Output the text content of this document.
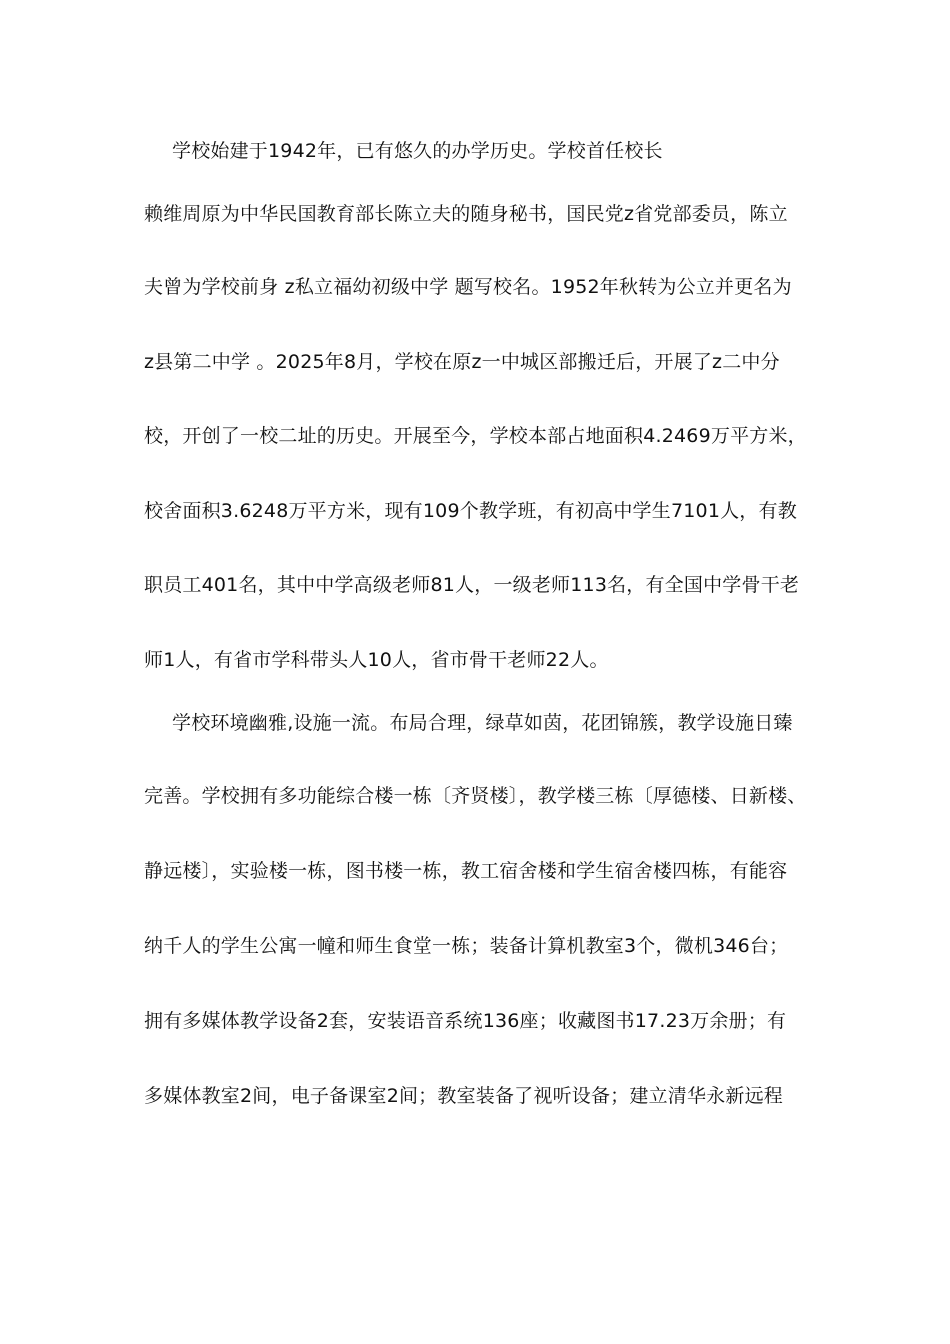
学校始建于1942年，已有悠久的办学历史。学校首任校长
赖维周原为中华民国教育部长陈立夫的随身秘书，国民党z省党部委员，陈立
夫曾为学校前身 z私立福幼初级中学 题写校名。1952年秋转为公立并更名为
z县第二中学 。2025年8月，学校在原z一中城区部搬迁后，开展了z二中分
校，开创了一校二址的历史。开展至今，学校本部占地面积4.2469万平方米，
校舍面积3.6248万平方米，现有109个教学班，有初高中学生7101人，有教
职员工401名，其中中学高级老师81人，一级老师113名，有全国中学骨干老
师1人，有省市学科带头人10人，省市骨干老师22人。
学校环境幽雅,设施一流。布局合理，绿草如茵，花团锦簇，教学设施日臻
完善。学校拥有多功能综合楼一栋〔齐贤楼〕，教学楼三栋〔厚德楼、日新楼、
静远楼〕，实验楼一栋，图书楼一栋，教工宿舍楼和学生宿舍楼四栋，有能容
纳千人的学生公寓一幢和师生食堂一栋；装备计算机教室3个，微机346台；
拥有多媒体教学设备2套，安装语音系统136座；收藏图书17.23万余册；有
多媒体教室2间，电子备课室2间；教室装备了视听设备；建立清华永新远程
